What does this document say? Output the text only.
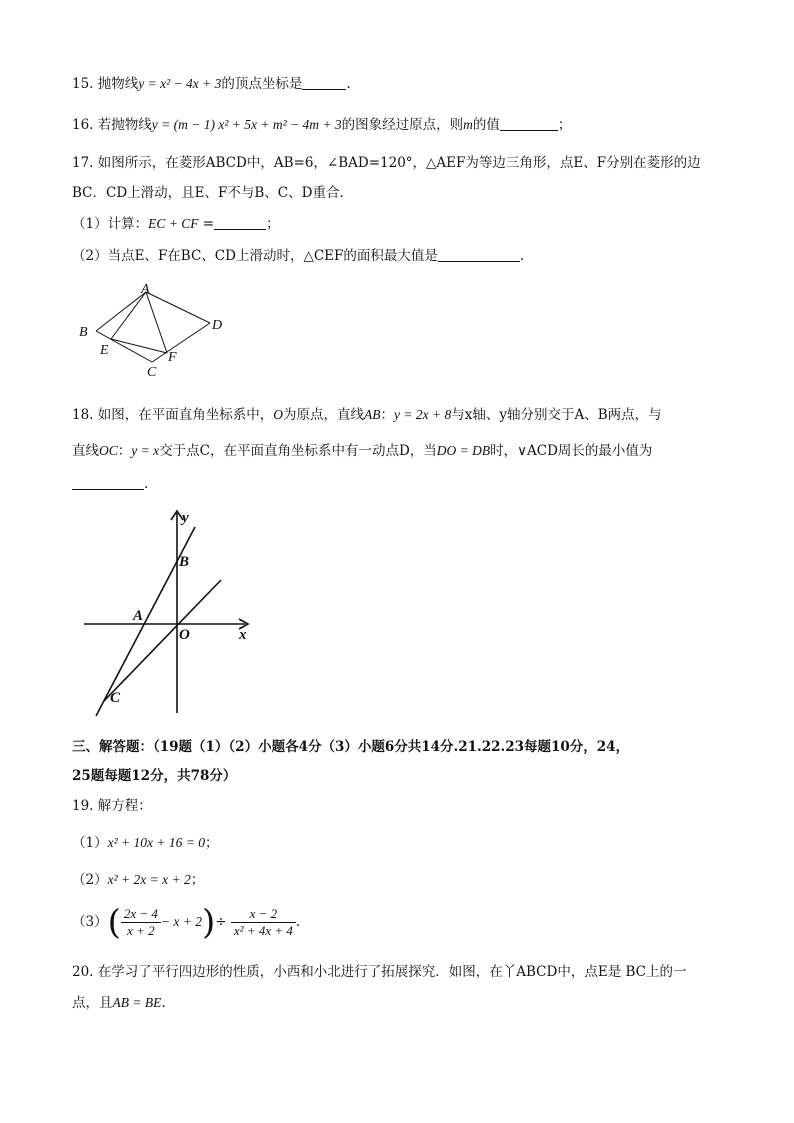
15. 抛物线y = x² − 4x + 3的顶点坐标是	.
16. 若抛物线y = (m − 1) x² + 5x + m² − 4m + 3的图象经过原点，则m的值	；
17. 如图所示，在菱形ABCD中，AB=6，∠BAD=120°，△AEF为等边三角形，点E、F分别在菱形的边
BC．CD上滑动，且E、F不与B、C、D重合．
（1）计算：EC + CF =	；
（2）当点E、F在BC、CD上滑动时，△CEF的面积最大值是	.
A
B	D
E	F
C
18. 如图，在平面直角坐标系中，O为原点，直线AB：y = 2x + 8与x轴、y轴分别交于A、B两点，与
直线OC：y = x交于点C，在平面直角坐标系中有一动点D，当DO = DB时，∨ACD周长的最小值为
.
y
x
B
A
O
C
三、解答题：（19题（1）（2）小题各4分（3）小题6分共14分.21.22.23每题10分，24，
25题每题12分，共78分）
19. 解方程：
（1）x² + 10x + 16 = 0；
（2）x² + 2x = x + 2；
$(3)( \frac{2x - 4}{x + 2} - x + 2)\div \frac{x - 2}{\text{x² + 4x + 4}}$ .
20. 在学习了平行四边形的性质，小西和小北进行了拓展探究．如图，在丫ABCD中，点E是 BC上的一
点，且AB = BE.
